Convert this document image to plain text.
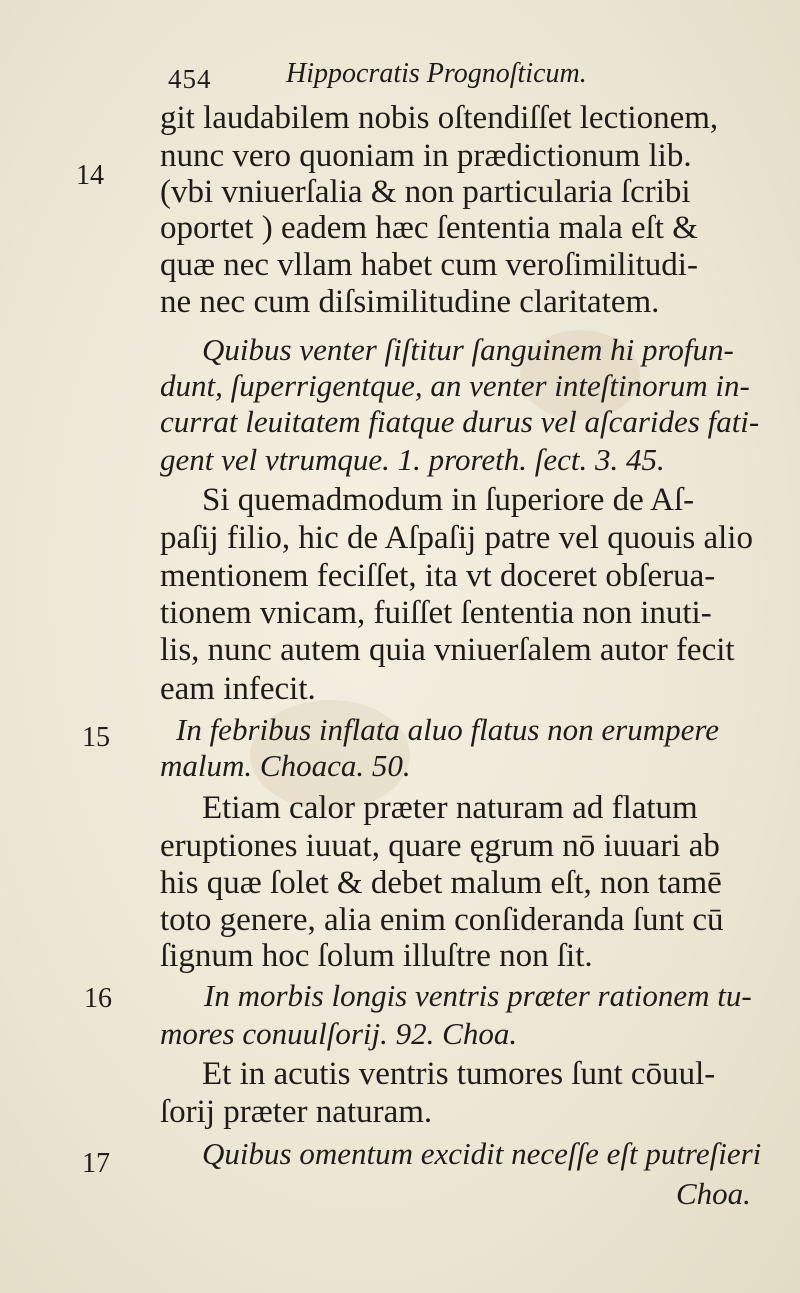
454	Hippocratis Prognoſticum.
14
15
16
17
git laudabilem nobis oſtendiſſet lectionem,
nunc vero quoniam in prædictionum lib.
(vbi vniuerſalia & non particularia ſcribi
oportet ) eadem hæc ſententia mala eſt &
quæ nec vllam habet cum veroſimilitudi-
ne nec cum diſsimilitudine claritatem.
Quibus venter ſiſtitur ſanguinem hi profun-
dunt, ſuperrigentque, an venter inteſtinorum in-
currat leuitatem fiatque durus vel aſcarides fati-
gent vel vtrumque. 1. proreth. ſect. 3. 45.
Si quemadmodum in ſuperiore de Aſ-
paſij filio, hic de Aſpaſij patre vel quouis alio
mentionem feciſſet, ita vt doceret obſerua-
tionem vnicam, fuiſſet ſententia non inuti-
lis, nunc autem quia vniuerſalem autor fecit
eam infecit.
In febribus inflata aluo flatus non erumpere
malum. Choaca. 50.
Etiam calor præter naturam ad flatum
eruptiones iuuat, quare ęgrum nō iuuari ab
his quæ ſolet & debet malum eſt, non tamē
toto genere, alia enim conſideranda ſunt cū
ſignum hoc ſolum illuſtre non ſit.
In morbis longis ventris præter rationem tu-
mores conuulſorij. 92. Choa.
Et in acutis ventris tumores ſunt cōuul-
ſorij præter naturam.
Quibus omentum excidit neceſſe eſt putreſieri
Choa.
